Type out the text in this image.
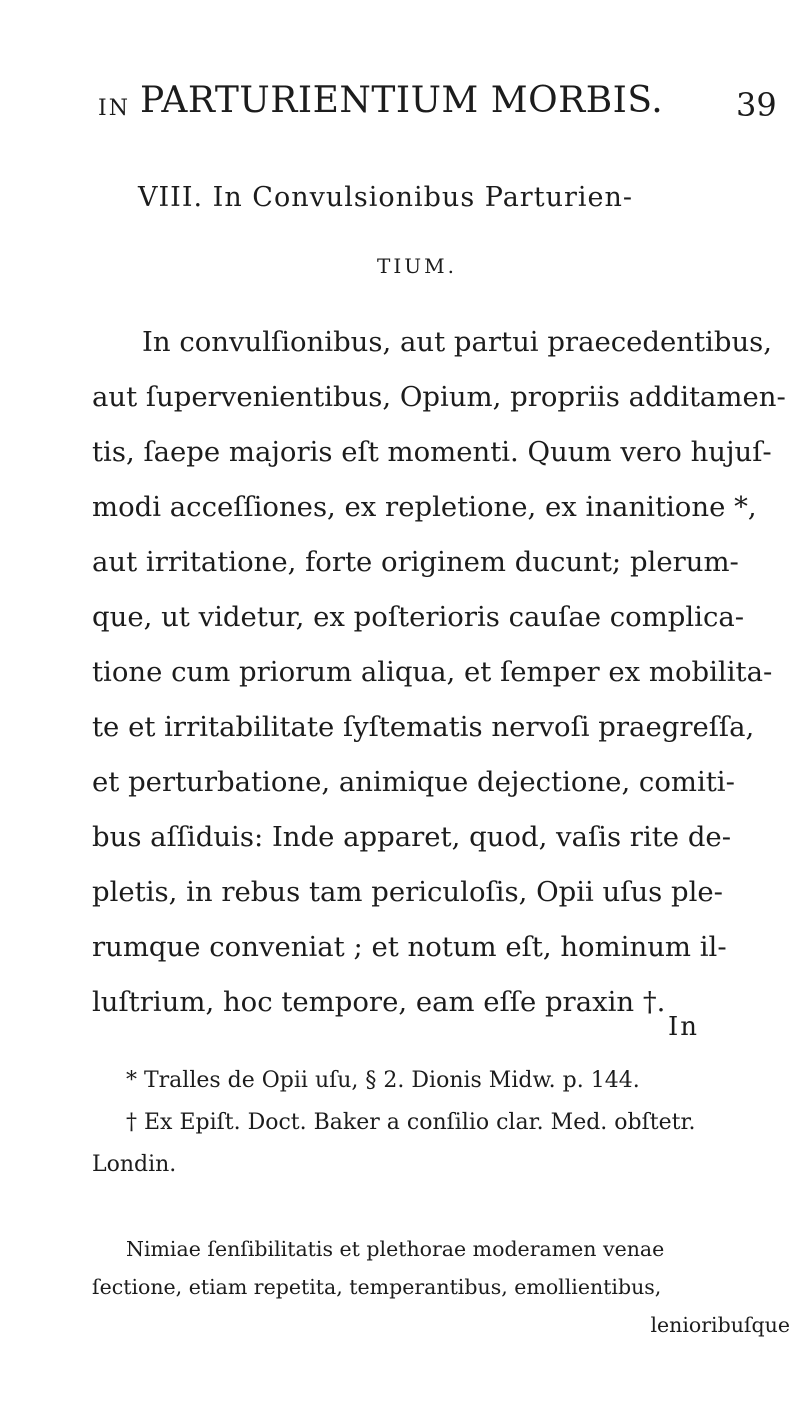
IN PARTURIENTIUM MORBIS. 39
VIII. In Convulsionibus Parturien-
TIUM.
In convulſionibus, aut partui praecedentibus,
aut ſupervenientibus, Opium, propriis additamen-
tis, ſaepe majoris eſt momenti. Quum vero hujuſ-
modi acceſſiones, ex repletione, ex inanitione *,
aut irritatione, forte originem ducunt; plerum-
que, ut videtur, ex poſterioris cauſae complica-
tione cum priorum aliqua, et ſemper ex mobilita-
te et irritabilitate ſyſtematis nervoſi praegreſſa,
et perturbatione, animique dejectione, comiti-
bus aſſiduis: Inde apparet, quod, vaſis rite de-
pletis, in rebus tam periculoſis, Opii uſus ple-
rumque conveniat ; et notum eſt, hominum il-
luſtrium, hoc tempore, eam eſſe praxin †.
In
* Tralles de Opii uſu, § 2. Dionis Midw. p. 144.
† Ex Epiſt. Doct. Baker a conſilio clar. Med. obſtetr.
Londin.
Nimiae ſenſibilitatis et plethorae moderamen venae
ſectione, etiam repetita, temperantibus, emollientibus,
lenioribuſque
